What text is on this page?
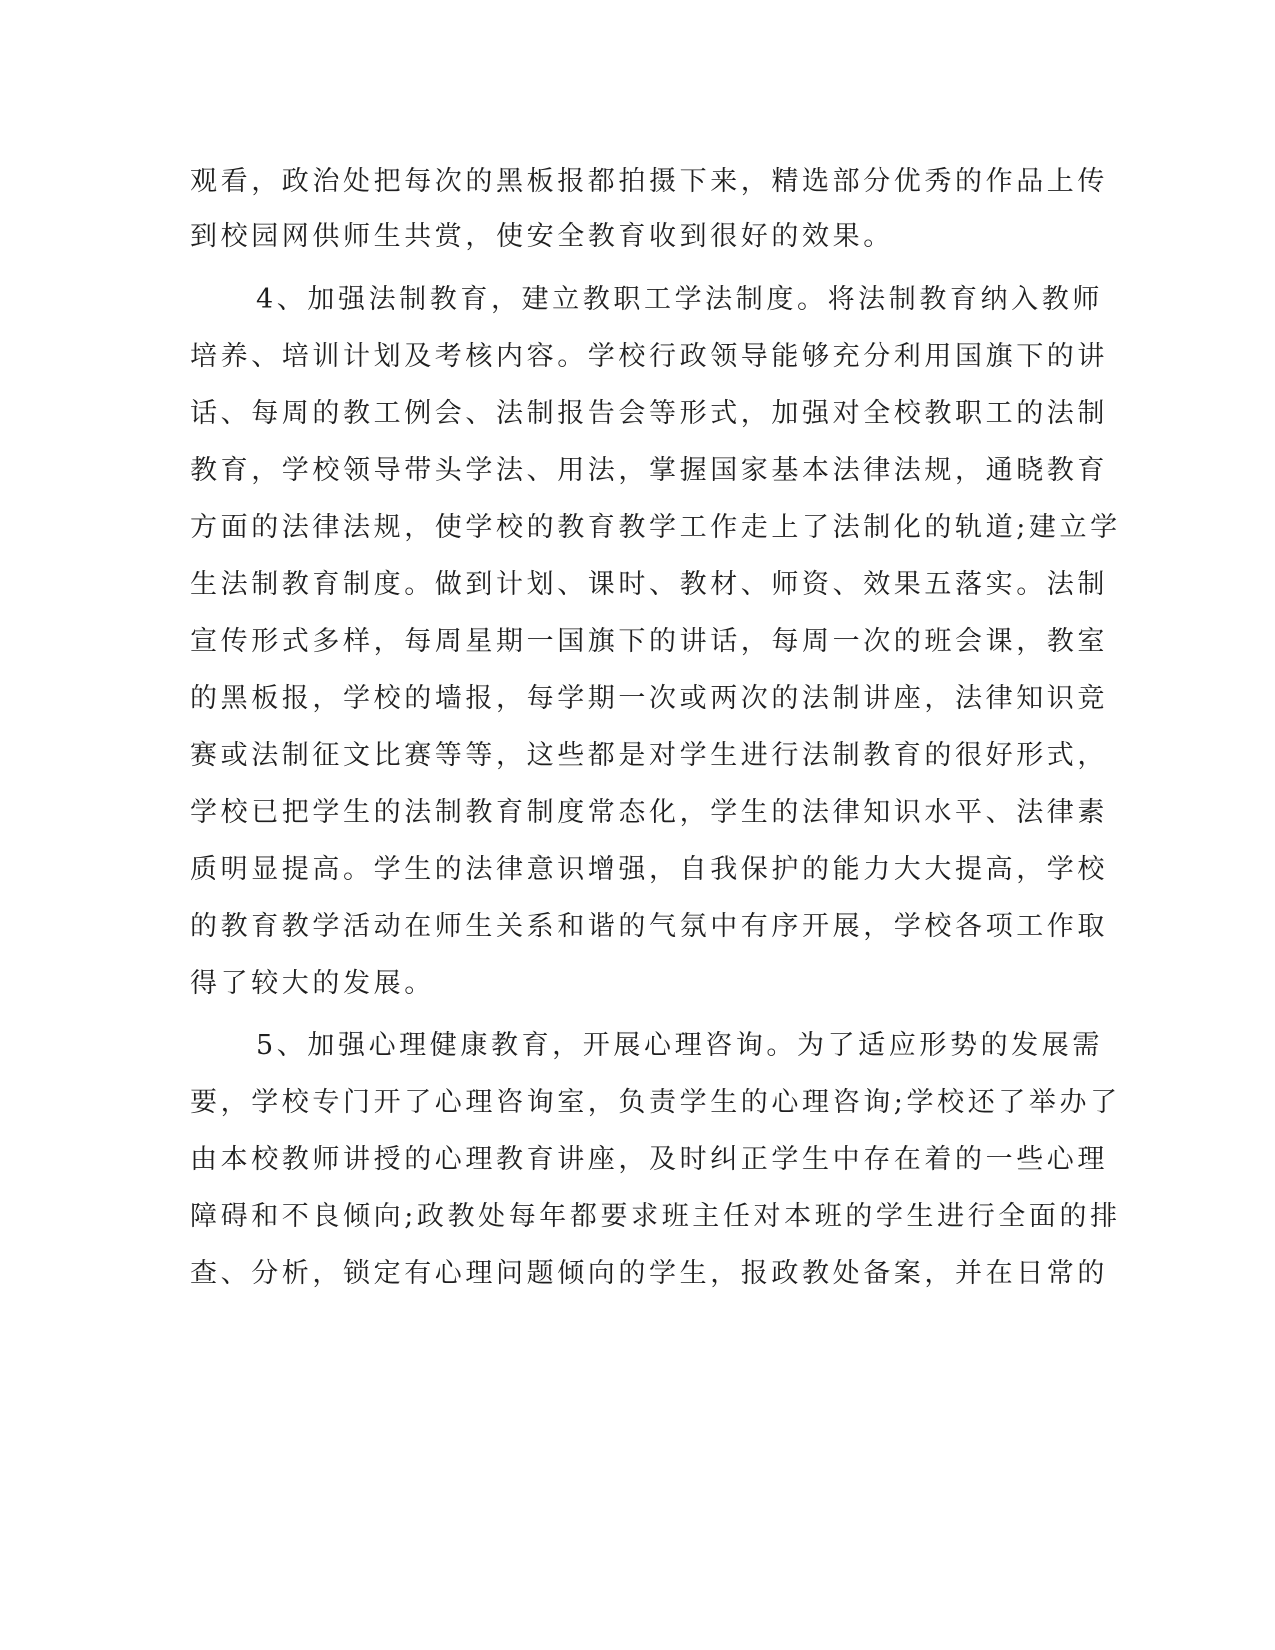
观看，政治处把每次的黑板报都拍摄下来，精选部分优秀的作品上传
到校园网供师生共赏，使安全教育收到很好的效果。
4、加强法制教育，建立教职工学法制度。将法制教育纳入教师
培养、培训计划及考核内容。学校行政领导能够充分利用国旗下的讲
话、每周的教工例会、法制报告会等形式，加强对全校教职工的法制
教育，学校领导带头学法、用法，掌握国家基本法律法规，通晓教育
方面的法律法规，使学校的教育教学工作走上了法制化的轨道;建立学
生法制教育制度。做到计划、课时、教材、师资、效果五落实。法制
宣传形式多样，每周星期一国旗下的讲话，每周一次的班会课，教室
的黑板报，学校的墙报，每学期一次或两次的法制讲座，法律知识竞
赛或法制征文比赛等等，这些都是对学生进行法制教育的很好形式，
学校已把学生的法制教育制度常态化，学生的法律知识水平、法律素
质明显提高。学生的法律意识增强，自我保护的能力大大提高，学校
的教育教学活动在师生关系和谐的气氛中有序开展，学校各项工作取
得了较大的发展。
5、加强心理健康教育，开展心理咨询。为了适应形势的发展需
要，学校专门开了心理咨询室，负责学生的心理咨询;学校还了举办了
由本校教师讲授的心理教育讲座，及时纠正学生中存在着的一些心理
障碍和不良倾向;政教处每年都要求班主任对本班的学生进行全面的排
查、分析，锁定有心理问题倾向的学生，报政教处备案，并在日常的
